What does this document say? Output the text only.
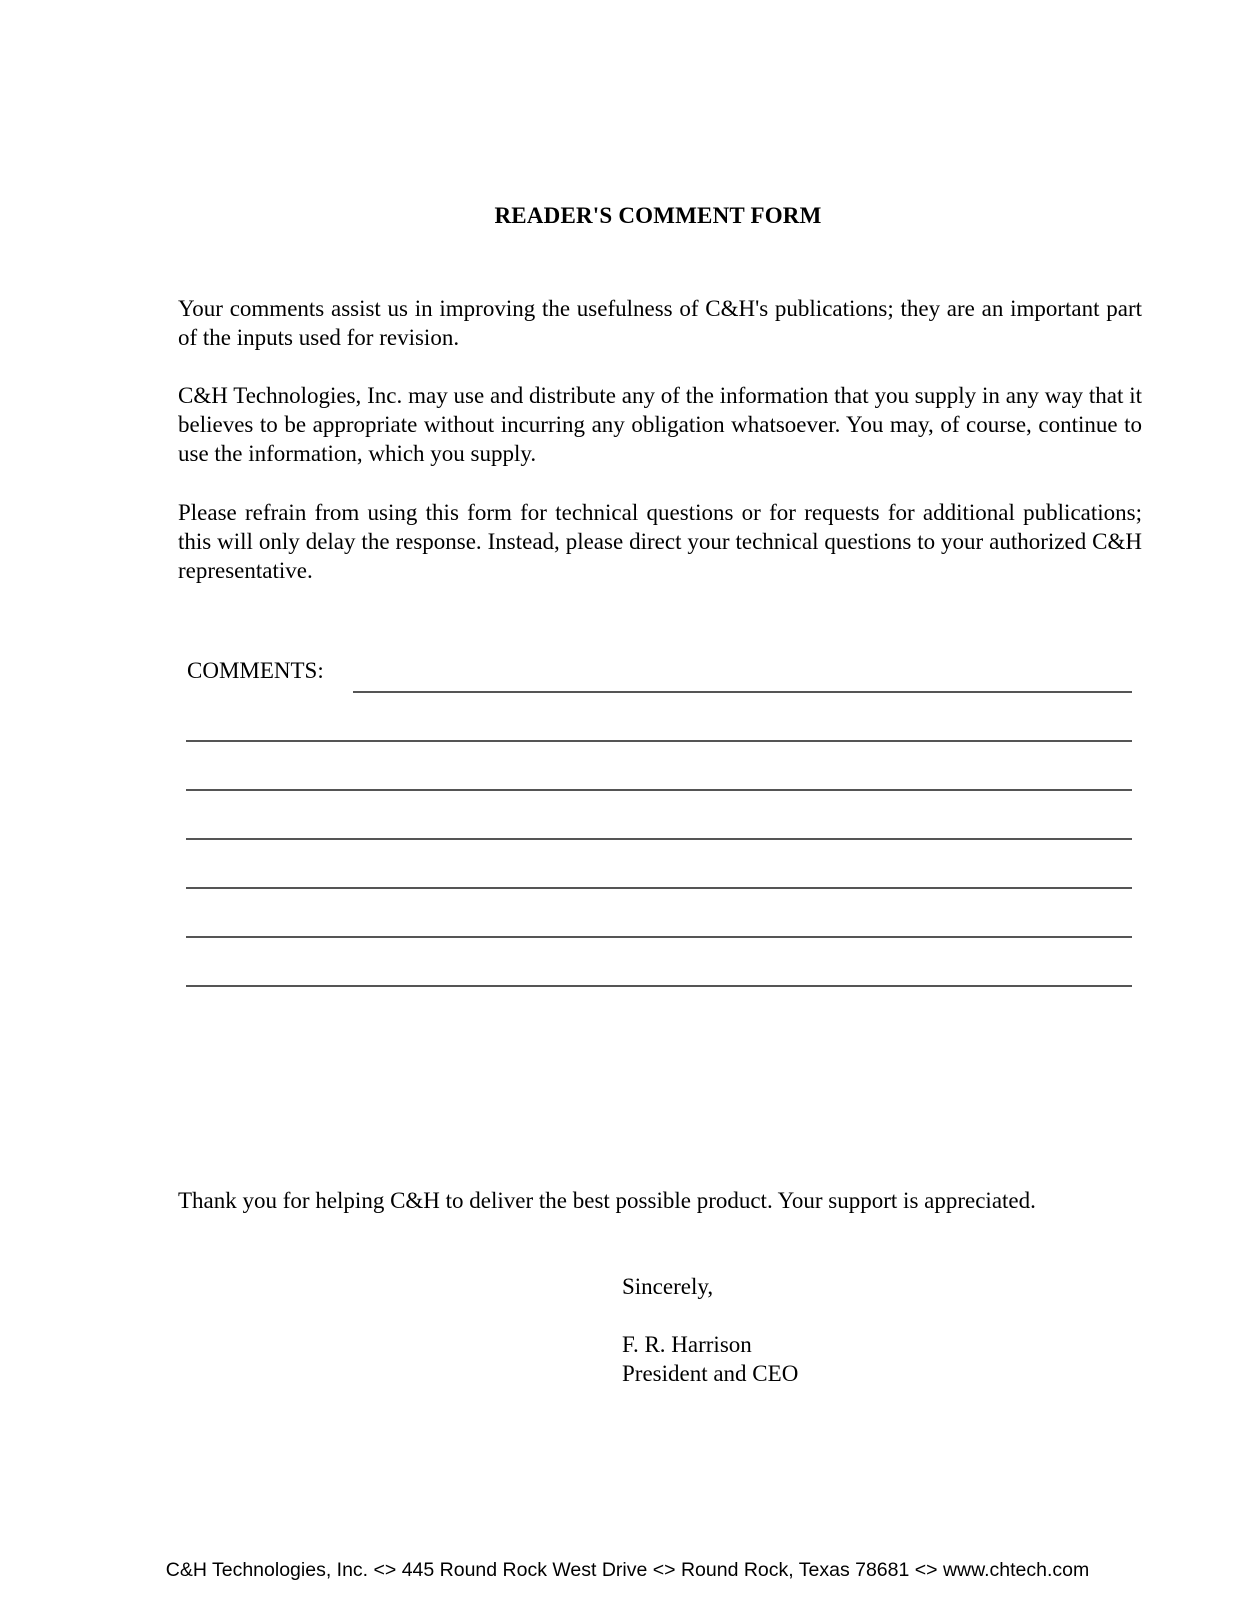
READER'S COMMENT FORM

Your comments assist us in improving the usefulness of C&H's publications; they are an important part of the inputs used for revision.

C&H Technologies, Inc. may use and distribute any of the information that you supply in any way that it believes to be appropriate without incurring any obligation whatsoever. You may, of course, continue to use the information, which you supply.

Please refrain from using this form for technical questions or for requests for additional publications; this will only delay the response. Instead, please direct your technical questions to your authorized C&H representative.

COMMENTS:

Thank you for helping C&H to deliver the best possible product. Your support is appreciated.

Sincerely,
F. R. Harrison
President and CEO
C&H Technologies, Inc. <> 445 Round Rock West Drive <> Round Rock, Texas 78681 <> www.chtech.com
